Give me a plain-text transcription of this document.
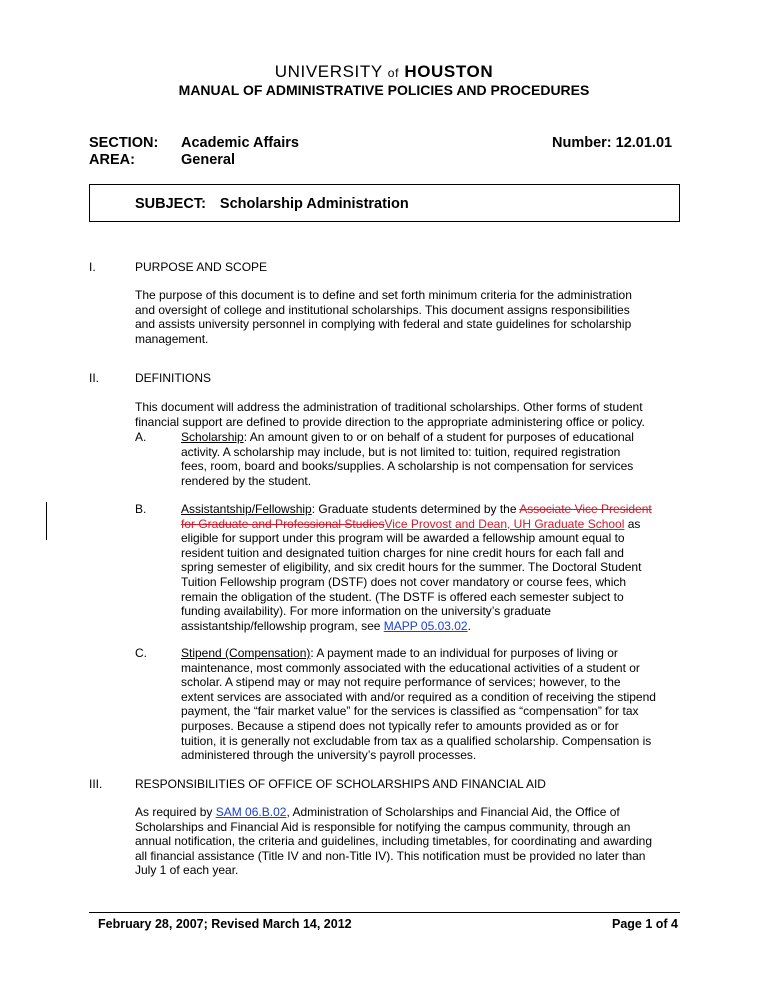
UNIVERSITY of HOUSTON
MANUAL OF ADMINISTRATIVE POLICIES AND PROCEDURES
SECTION: Academic Affairs
AREA:	General
Number: 12.01.01
SUBJECT: Scholarship Administration
I.	PURPOSE AND SCOPE
The purpose of this document is to define and set forth minimum criteria for the administration
and oversight of college and institutional scholarships. This document assigns responsibilities
and assists university personnel in complying with federal and state guidelines for scholarship
management.
II.	DEFINITIONS
This document will address the administration of traditional scholarships. Other forms of student
financial support are defined to provide direction to the appropriate administering office or policy.
A.	Scholarship: An amount given to or on behalf of a student for purposes of educational
activity. A scholarship may include, but is not limited to: tuition, required registration
fees, room, board and books/supplies. A scholarship is not compensation for services
rendered by the student.
B.	Assistantship/Fellowship: Graduate students determined by the Associate Vice President
for Graduate and Professional StudiesVice Provost and Dean, UH Graduate School as
eligible for support under this program will be awarded a fellowship amount equal to
resident tuition and designated tuition charges for nine credit hours for each fall and
spring semester of eligibility, and six credit hours for the summer. The Doctoral Student
Tuition Fellowship program (DSTF) does not cover mandatory or course fees, which
remain the obligation of the student. (The DSTF is offered each semester subject to
funding availability). For more information on the university’s graduate
assistantship/fellowship program, see MAPP 05.03.02.
C.	Stipend (Compensation): A payment made to an individual for purposes of living or
maintenance, most commonly associated with the educational activities of a student or
scholar. A stipend may or may not require performance of services; however, to the
extent services are associated with and/or required as a condition of receiving the stipend
payment, the “fair market value” for the services is classified as “compensation” for tax
purposes. Because a stipend does not typically refer to amounts provided as or for
tuition, it is generally not excludable from tax as a qualified scholarship. Compensation is
administered through the university’s payroll processes.
III.	RESPONSIBILITIES OF OFFICE OF SCHOLARSHIPS AND FINANCIAL AID
As required by SAM 06.B.02, Administration of Scholarships and Financial Aid, the Office of
Scholarships and Financial Aid is responsible for notifying the campus community, through an
annual notification, the criteria and guidelines, including timetables, for coordinating and awarding
all financial assistance (Title IV and non-Title IV). This notification must be provided no later than
July 1 of each year.
February 28, 2007; Revised March 14, 2012	Page 1 of 4
